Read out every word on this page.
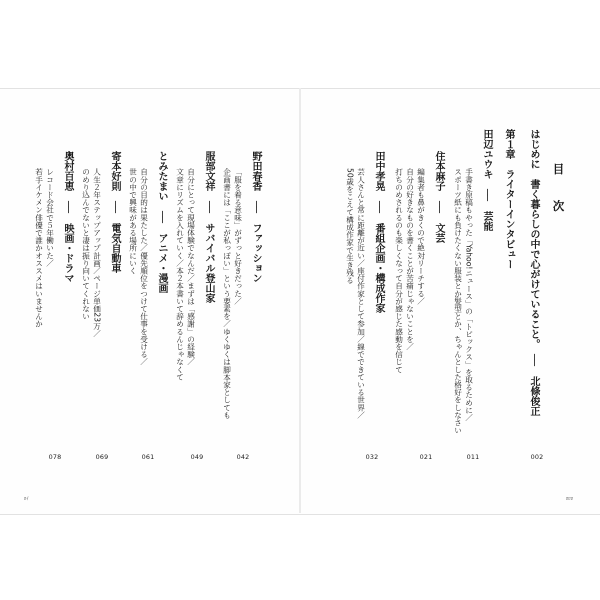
目　次
はじめに　書く暮らしの中で心がけていること。　──　北條俊正
002
第１章　ライターインタビュー
田辺ユウキ　──　芸能
手書き原稿もやった「Yahoo!ニュース」の「トピックス」を取るために／
スポーツ紙にも負けたくない服装とか髪型とか、ちゃんとした格好をしなさい
011
住本麻子　──　文芸
編集者も鼻がきくので絶対リーチする／
自分の好きなものを書くことが苦痛じゃないことを／
打ちのめされるのも楽しくなって自分が感じた感動を信じて
021
田中孝晃　──　番組企画・構成作家
芸人さんと常に距離が近い／座付作家として参加／線でできている世界／
50歳をこえて構成作家で生き残る
032
野田春香　──　ファッション
「服を着る意味」がずっと好きだった／
企画書には「ここが私っぽい」という要素を／ゆくゆくは脚本家としても
042
服部文祥　──　サバイバル登山家
自分にとって現場体験でなんだ／まずは「感謝」の経験／
文章にリズムを入れていく／本２本書いて辞めるんじゃなくて
049
とみたまい　──　アニメ・漫画
自分の目的は果たした／優先順位をつけて仕事を受ける／
世の中で興味がある場所にいく
061
寄本好則　──　電気自動車
人生２年ステップアップ計画／ページ単価23万／
のめり込んでないと凄は振り向いてくれない
069
奥村百恵　──　映画・ドラマ
レコード会社で５年働いた／
若手イケメン俳優で誰かオススメはいませんか
078
ﾛｲ	ﾛﾛﾛ
